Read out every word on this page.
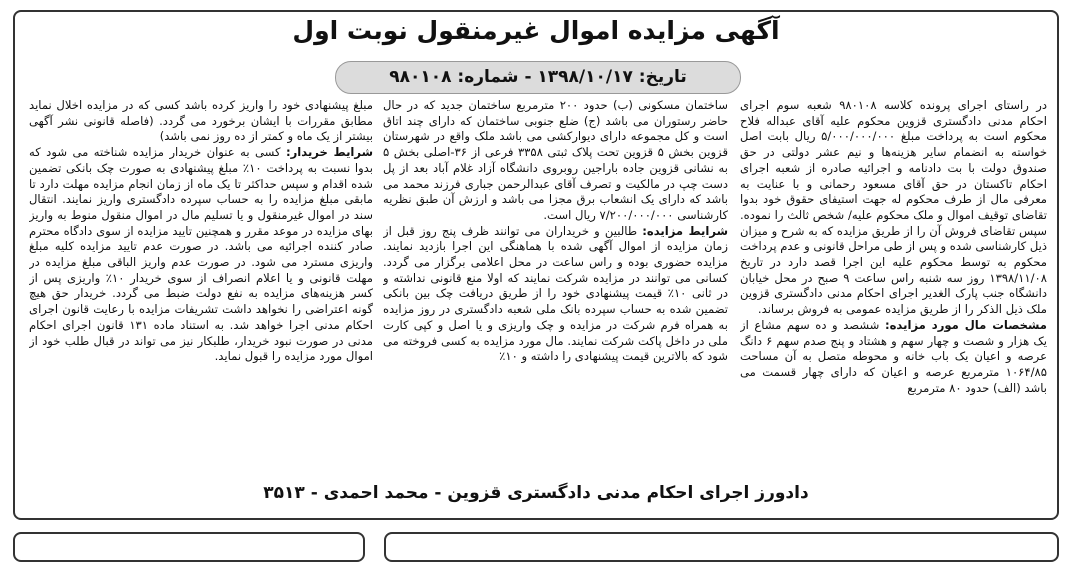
آگهی مزایده اموال غیرمنقول نوبت اول
تاریخ: ۱۳۹۸/۱۰/۱۷ - شماره: ۹۸۰۱۰۸

در راستای اجرای پرونده کلاسه ۹۸۰۱۰۸ شعبه سوم اجرای احکام مدنی دادگستری قزوین محکوم علیه آقای عبداله فلاح محکوم است به پرداخت مبلغ ۵/۰۰۰/۰۰۰/۰۰۰ ریال بابت اصل خواسته به انضمام سایر هزینه‌ها و نیم عشر دولتی در حق صندوق دولت با بت دادنامه و اجرائیه صادره از شعبه اجرای احکام تاکستان در حق آقای مسعود رحمانی و با عنایت به معرفی مال از طرف محکوم له جهت استیفای حقوق خود بدوا تقاضای توقیف اموال و ملک محکوم علیه/ شخص ثالث را نموده. سپس تقاضای فروش آن را از طریق مزایده که به شرح و میزان ذیل کارشناسی شده و پس از طی مراحل قانونی و عدم پرداخت محکوم به توسط محکوم علیه این اجرا قصد دارد در تاریخ ۱۳۹۸/۱۱/۰۸ روز سه شنبه راس ساعت ۹ صبح در محل خیابان دانشگاه جنب پارک الغدیر اجرای احکام مدنی دادگستری قزوین ملک ذیل الذکر را از طریق مزایده عمومی به فروش برساند.

مشخصات مال مورد مزایده: ششصد و ده سهم مشاع از یک هزار و شصت و چهار سهم و هشتاد و پنج صدم سهم ۶ دانگ عرصه و اعیان یک باب خانه و محوطه متصل به آن مساحت ۱۰۶۴/۸۵ مترمربع عرصه و اعیان که دارای چهار قسمت می باشد (الف) حدود ۸۰ مترمربع

ساختمان مسکونی (ب) حدود ۲۰۰ مترمربع ساختمان جدید که در حال حاضر رستوران می باشد (ج) ضلع جنوبی ساختمان که دارای چند اتاق است و کل مجموعه دارای دیوارکشی می باشد ملک واقع در شهرستان قزوین بخش ۵ قزوین تحت پلاک ثبتی ۳۳۵۸ فرعی از ۳۶-اصلی بخش ۵ به نشانی قزوین جاده باراجین روبروی دانشگاه آزاد غلام آباد بعد از پل دست چپ در مالکیت و تصرف آقای عبدالرحمن جباری فرزند محمد می باشد که دارای یک انشعاب برق مجزا می باشد و ارزش آن طبق نظریه کارشناسی ۷/۲۰۰/۰۰۰/۰۰۰ ریال است.

شرایط مزایده: طالبین و خریداران می توانند ظرف پنج روز قبل از زمان مزایده از اموال آگهی شده با هماهنگی این اجرا بازدید نمایند. مزایده حضوری بوده و راس ساعت در محل اعلامی برگزار می گردد. کسانی می توانند در مزایده شرکت نمایند که اولا منع قانونی نداشته و در ثانی ۱۰٪ قیمت پیشنهادی خود را از طریق دریافت چک بین بانکی تضمین شده به حساب سپرده بانک ملی شعبه دادگستری در روز مزایده به همراه فرم شرکت در مزایده و چک واریزی و یا اصل و کپی کارت ملی در داخل پاکت شرکت نمایند. مال مورد مزایده به کسی فروخته می شود که بالاترین قیمت پیشنهادی را داشته و ۱۰٪

مبلغ پیشنهادی خود را واریز کرده باشد کسی که در مزایده اخلال نماید مطابق مقررات با ایشان برخورد می گردد. (فاصله قانونی نشر آگهی بیشتر از یک ماه و کمتر از ده روز نمی باشد)

شرایط خریدار: کسی به عنوان خریدار مزایده شناخته می شود که بدوا نسبت به پرداخت ۱۰٪ مبلغ پیشنهادی به صورت چک بانکی تضمین شده اقدام و سپس حداکثر تا یک ماه از زمان انجام مزایده مهلت دارد تا مابقی مبلغ مزایده را به حساب سپرده دادگستری واریز نمایند. انتقال سند در اموال غیرمنقول و یا تسلیم مال در اموال منقول منوط به واریز بهای مزایده در موعد مقرر و همچنین تایید مزایده از سوی دادگاه محترم صادر کننده اجرائیه می باشد. در صورت عدم تایید مزایده کلیه مبلغ واریزی مسترد می شود. در صورت عدم واریز الباقی مبلغ مزایده در مهلت قانونی و یا اعلام انصراف از سوی خریدار ۱۰٪ واریزی پس از کسر هزینه‌های مزایده به نفع دولت ضبط می گردد. خریدار حق هیچ گونه اعتراضی را نخواهد داشت تشریفات مزایده با رعایت قانون اجرای احکام مدنی اجرا خواهد شد. به استناد ماده ۱۳۱ قانون اجرای احکام مدنی در صورت نبود خریدار، طلبکار نیز می تواند در قبال طلب خود از اموال مورد مزایده را قبول نماید.

دادورز اجرای احکام مدنی دادگستری قزوین - محمد احمدی - ۳۵۱۳
